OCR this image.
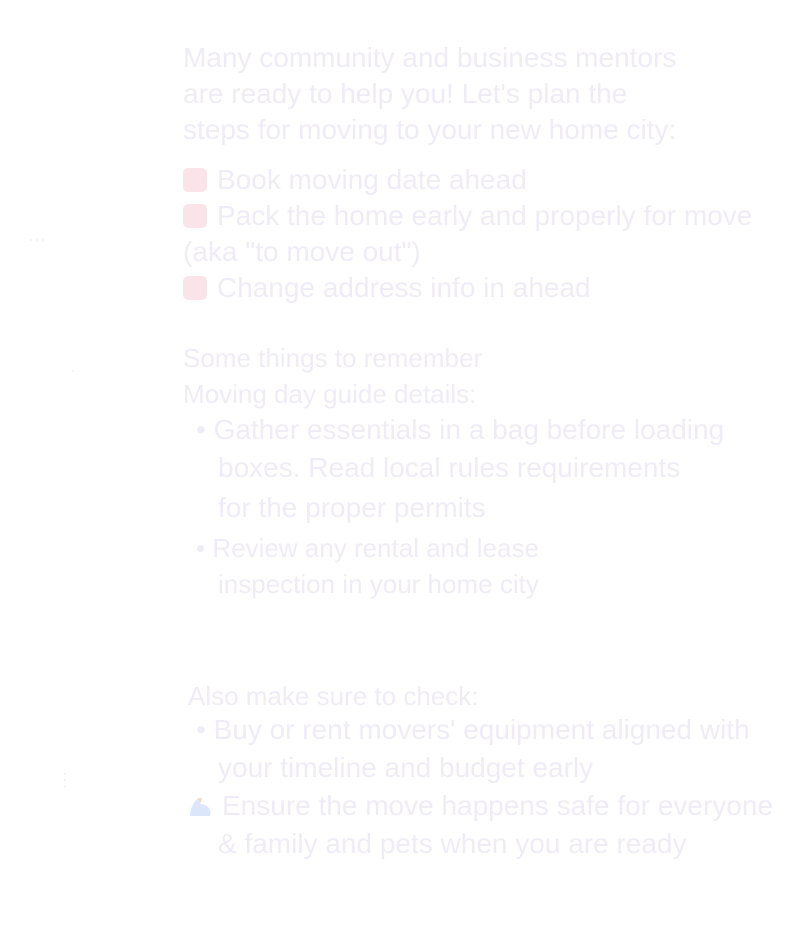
Many community and business mentors
are ready to help you! Let's plan the
steps for moving to your new home city:
Book moving date ahead
Pack the home early and properly for move
(aka "to move out")
Change address info in ahead
Some things to remember
Moving day guide details:
• Gather essentials in a bag before loading
boxes. Read local rules requirements
for the proper permits
• Review any rental and lease
inspection in your home city
Also make sure to check:
• Buy or rent movers' equipment aligned with
your timeline and budget early
Ensure the move happens safe for everyone
& family and pets when you are ready
⋯
·
⋮
